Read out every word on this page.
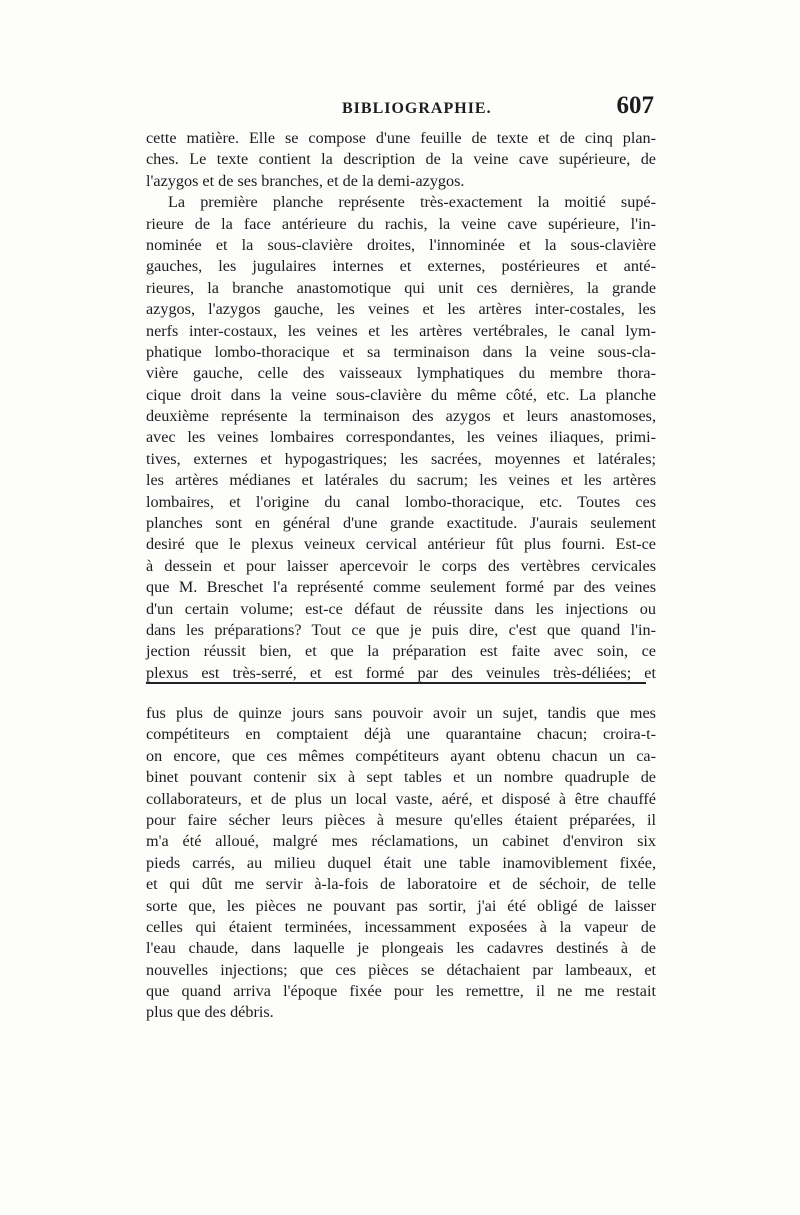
BIBLIOGRAPHIE.	607
cette matière. Elle se compose d'une feuille de texte et de cinq plan-
ches. Le texte contient la description de la veine cave supérieure, de
l'azygos et de ses branches, et de la demi-azygos.
La première planche représente très-exactement la moitié supé-
rieure de la face antérieure du rachis, la veine cave supérieure, l'in-
nominée et la sous-clavière droites, l'innominée et la sous-clavière
gauches, les jugulaires internes et externes, postérieures et anté-
rieures, la branche anastomotique qui unit ces dernières, la grande
azygos, l'azygos gauche, les veines et les artères inter-costales, les
nerfs inter-costaux, les veines et les artères vertébrales, le canal lym-
phatique lombo-thoracique et sa terminaison dans la veine sous-cla-
vière gauche, celle des vaisseaux lymphatiques du membre thora-
cique droit dans la veine sous-clavière du même côté, etc. La planche
deuxième représente la terminaison des azygos et leurs anastomoses,
avec les veines lombaires correspondantes, les veines iliaques, primi-
tives, externes et hypogastriques; les sacrées, moyennes et latérales;
les artères médianes et latérales du sacrum; les veines et les artères
lombaires, et l'origine du canal lombo-thoracique, etc. Toutes ces
planches sont en général d'une grande exactitude. J'aurais seulement
desiré que le plexus veineux cervical antérieur fût plus fourni. Est-ce
à dessein et pour laisser apercevoir le corps des vertèbres cervicales
que M. Breschet l'a représenté comme seulement formé par des veines
d'un certain volume; est-ce défaut de réussite dans les injections ou
dans les préparations? Tout ce que je puis dire, c'est que quand l'in-
jection réussit bien, et que la préparation est faite avec soin, ce
plexus est très-serré, et est formé par des veinules très-déliées; et
fus plus de quinze jours sans pouvoir avoir un sujet, tandis que mes
compétiteurs en comptaient déjà une quarantaine chacun; croira-t-
on encore, que ces mêmes compétiteurs ayant obtenu chacun un ca-
binet pouvant contenir six à sept tables et un nombre quadruple de
collaborateurs, et de plus un local vaste, aéré, et disposé à être chauffé
pour faire sécher leurs pièces à mesure qu'elles étaient préparées, il
m'a été alloué, malgré mes réclamations, un cabinet d'environ six
pieds carrés, au milieu duquel était une table inamoviblement fixée,
et qui dût me servir à-la-fois de laboratoire et de séchoir, de telle
sorte que, les pièces ne pouvant pas sortir, j'ai été obligé de laisser
celles qui étaient terminées, incessamment exposées à la vapeur de
l'eau chaude, dans laquelle je plongeais les cadavres destinés à de
nouvelles injections; que ces pièces se détachaient par lambeaux, et
que quand arriva l'époque fixée pour les remettre, il ne me restait
plus que des débris.
